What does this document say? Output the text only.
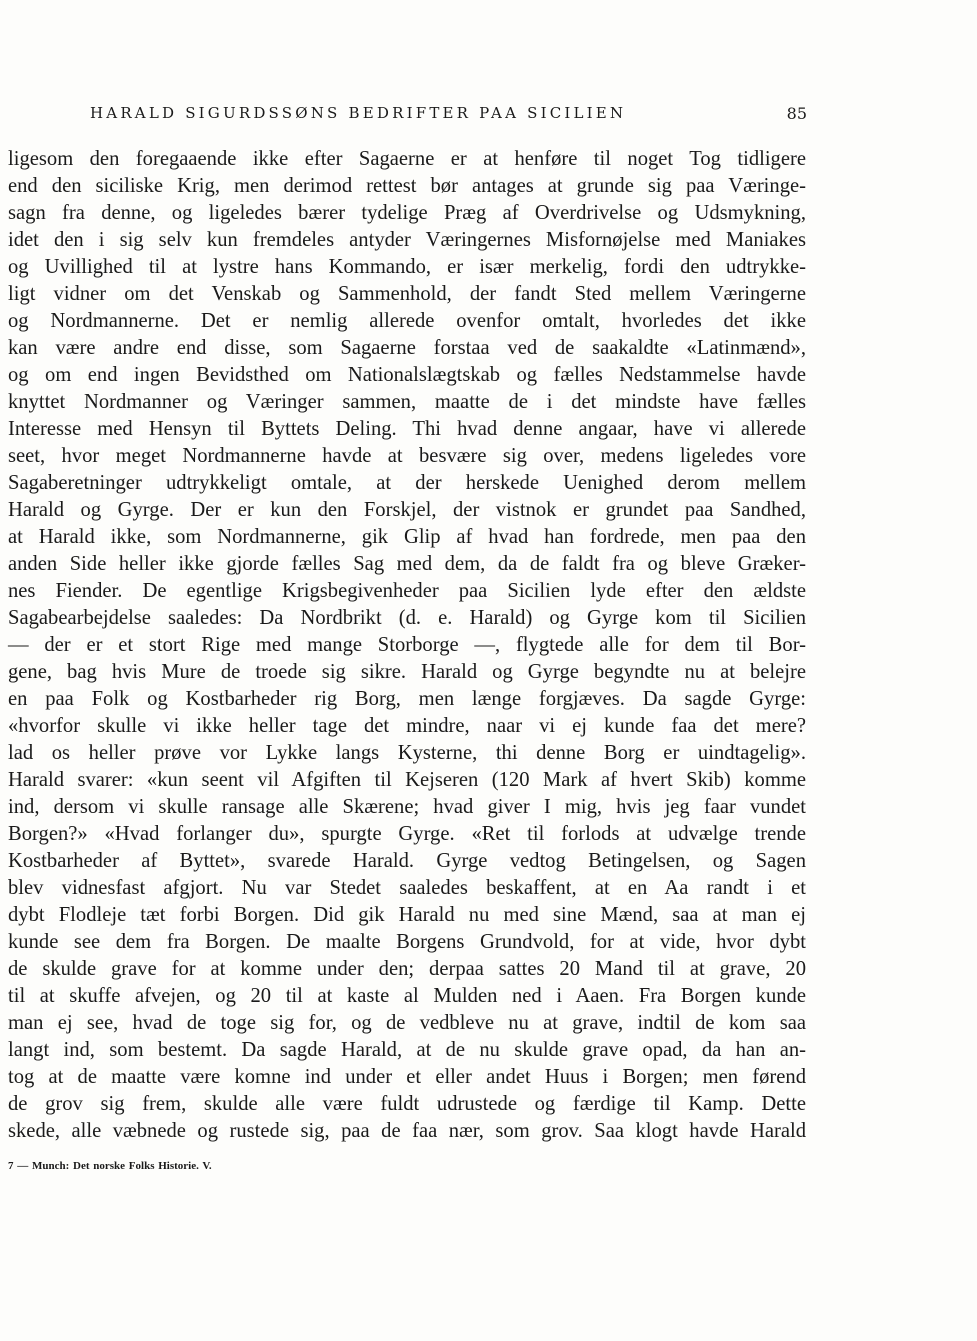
HARALD SIGURDSSØNS BEDRIFTER PAA SICILIEN	85
ligesom den foregaaende ikke efter Sagaerne er at henføre til noget Tog tidligere
end den siciliske Krig, men derimod rettest bør antages at grunde sig paa Væringe-
sagn fra denne, og ligeledes bærer tydelige Præg af Overdrivelse og Udsmykning,
idet den i sig selv kun fremdeles antyder Væringernes Misfornøjelse med Maniakes
og Uvillighed til at lystre hans Kommando, er især merkelig, fordi den udtrykke-
ligt vidner om det Venskab og Sammenhold, der fandt Sted mellem Væringerne
og Nordmannerne. Det er nemlig allerede ovenfor omtalt, hvorledes det ikke
kan være andre end disse, som Sagaerne forstaa ved de saakaldte «Latinmænd»,
og om end ingen Bevidsthed om Nationalslægtskab og fælles Nedstammelse havde
knyttet Nordmanner og Væringer sammen, maatte de i det mindste have fælles
Interesse med Hensyn til Byttets Deling. Thi hvad denne angaar, have vi allerede
seet, hvor meget Nordmannerne havde at besvære sig over, medens ligeledes vore
Sagaberetninger udtrykkeligt omtale, at der herskede Uenighed derom mellem
Harald og Gyrge. Der er kun den Forskjel, der vistnok er grundet paa Sandhed,
at Harald ikke, som Nordmannerne, gik Glip af hvad han fordrede, men paa den
anden Side heller ikke gjorde fælles Sag med dem, da de faldt fra og bleve Græker-
nes Fiender. De egentlige Krigsbegivenheder paa Sicilien lyde efter den ældste
Sagabearbejdelse saaledes: Da Nordbrikt (d. e. Harald) og Gyrge kom til Sicilien
— der er et stort Rige med mange Storborge —, flygtede alle for dem til Bor-
gene, bag hvis Mure de troede sig sikre. Harald og Gyrge begyndte nu at belejre
en paa Folk og Kostbarheder rig Borg, men længe forgjæves. Da sagde Gyrge:
«hvorfor skulle vi ikke heller tage det mindre, naar vi ej kunde faa det mere?
lad os heller prøve vor Lykke langs Kysterne, thi denne Borg er uindtagelig».
Harald svarer: «kun seent vil Afgiften til Kejseren (120 Mark af hvert Skib) komme
ind, dersom vi skulle ransage alle Skærene; hvad giver I mig, hvis jeg faar vundet
Borgen?» «Hvad forlanger du», spurgte Gyrge. «Ret til forlods at udvælge trende
Kostbarheder af Byttet», svarede Harald. Gyrge vedtog Betingelsen, og Sagen
blev vidnesfast afgjort. Nu var Stedet saaledes beskaffent, at en Aa randt i et
dybt Flodleje tæt forbi Borgen. Did gik Harald nu med sine Mænd, saa at man ej
kunde see dem fra Borgen. De maalte Borgens Grundvold, for at vide, hvor dybt
de skulde grave for at komme under den; derpaa sattes 20 Mand til at grave, 20
til at skuffe afvejen, og 20 til at kaste al Mulden ned i Aaen. Fra Borgen kunde
man ej see, hvad de toge sig for, og de vedbleve nu at grave, indtil de kom saa
langt ind, som bestemt. Da sagde Harald, at de nu skulde grave opad, da han an-
tog at de maatte være komne ind under et eller andet Huus i Borgen; men førend
de grov sig frem, skulde alle være fuldt udrustede og færdige til Kamp. Dette
skede, alle væbnede og rustede sig, paa de faa nær, som grov. Saa klogt havde Harald
7 — Munch: Det norske Folks Historie. V.
